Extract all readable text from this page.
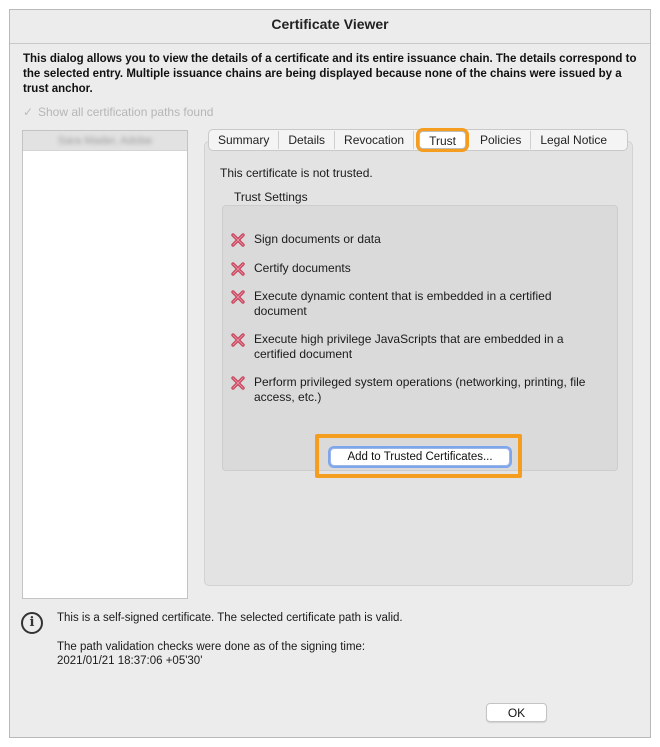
Certificate Viewer
This dialog allows you to view the details of a certificate and its entire issuance chain. The details correspond to the selected entry. Multiple issuance chains are being displayed because none of the chains were issued by a trust anchor.
✓ Show all certification paths found
Sara Mader, Adobe	Summary	Details	Revocation	Trust	Policies	Legal Notice
This certificate is not trusted.
Trust Settings
Sign documents or data
Certify documents
Execute dynamic content that is embedded in a certified document
Execute high privilege JavaScripts that are embedded in a certified document
Perform privileged system operations (networking, printing, file access, etc.)
Add to Trusted Certificates...
i	This is a self-signed certificate. The selected certificate path is valid.

The path validation checks were done as of the signing time:
2021/01/21 18:37:06 +05'30'
OK
